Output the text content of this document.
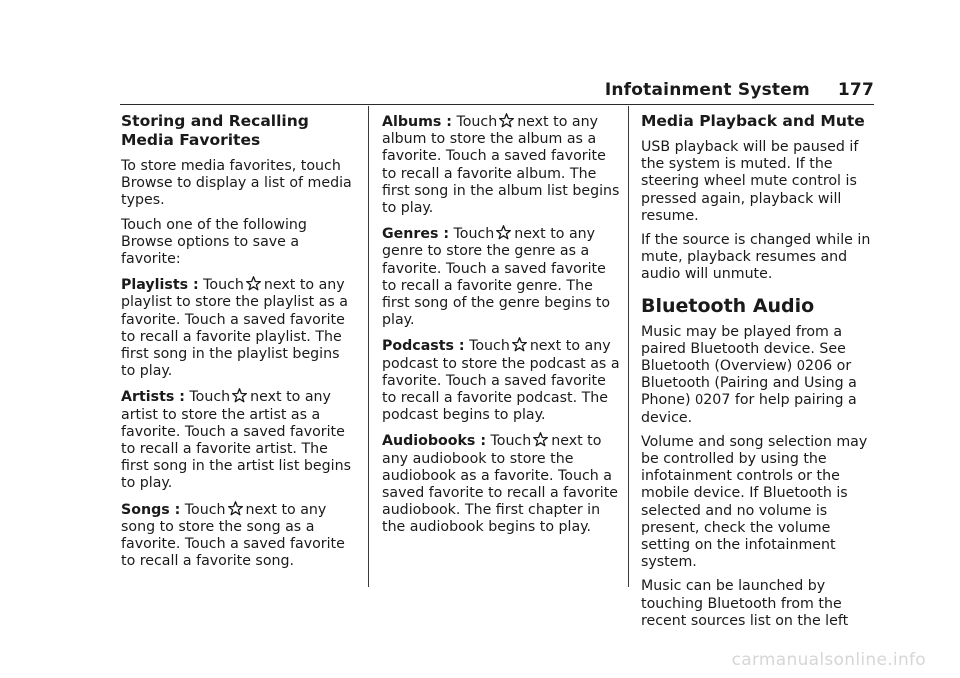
Infotainment System 177
Storing and Recalling Media Favorites

To store media favorites, touch Browse to display a list of media types.

Touch one of the following Browse options to save a favorite:

Playlists : Touch next to any playlist to store the playlist as a favorite. Touch a saved favorite to recall a favorite playlist. The first song in the playlist begins to play.

Artists : Touch next to any artist to store the artist as a favorite. Touch a saved favorite to recall a favorite artist. The first song in the artist list begins to play.

Songs : Touch next to any song to store the song as a favorite. Touch a saved favorite to recall a favorite song.

Albums : Touch next to any album to store the album as a favorite. Touch a saved favorite to recall a favorite album. The first song in the album list begins to play.

Genres : Touch next to any genre to store the genre as a favorite. Touch a saved favorite to recall a favorite genre. The first song of the genre begins to play.

Podcasts : Touch next to any podcast to store the podcast as a favorite. Touch a saved favorite to recall a favorite podcast. The podcast begins to play.

Audiobooks : Touch next to any audiobook to store the audiobook as a favorite. Touch a saved favorite to recall a favorite audiobook. The first chapter in the audiobook begins to play.

Media Playback and Mute

USB playback will be paused if the system is muted. If the steering wheel mute control is pressed again, playback will resume.

If the source is changed while in mute, playback resumes and audio will unmute.

Bluetooth Audio

Music may be played from a paired Bluetooth device. See Bluetooth (Overview) 0206 or Bluetooth (Pairing and Using a Phone) 0207 for help pairing a device.

Volume and song selection may be controlled by using the infotainment controls or the mobile device. If Bluetooth is selected and no volume is present, check the volume setting on the infotainment system.

Music can be launched by touching Bluetooth from the recent sources list on the left

carmanualsonline.info
